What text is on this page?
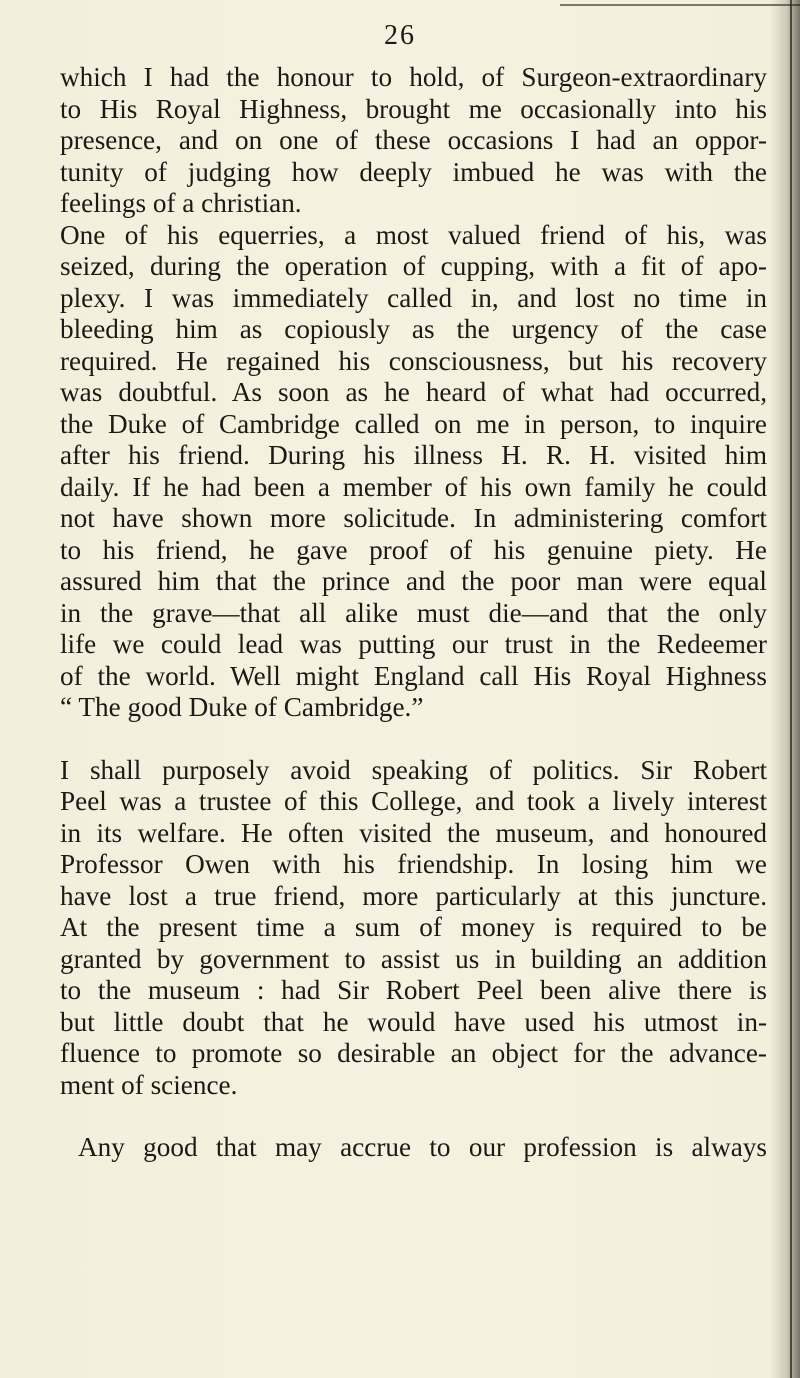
26
which I had the honour to hold, of Surgeon-extraordinary
to His Royal Highness, brought me occasionally into his
presence, and on one of these occasions I had an oppor-
tunity of judging how deeply imbued he was with the
feelings of a christian.
One of his equerries, a most valued friend of his, was
seized, during the operation of cupping, with a fit of apo-
plexy. I was immediately called in, and lost no time in
bleeding him as copiously as the urgency of the case
required. He regained his consciousness, but his recovery
was doubtful. As soon as he heard of what had occurred,
the Duke of Cambridge called on me in person, to inquire
after his friend. During his illness H. R. H. visited him
daily. If he had been a member of his own family he could
not have shown more solicitude. In administering comfort
to his friend, he gave proof of his genuine piety. He
assured him that the prince and the poor man were equal
in the grave—that all alike must die—and that the only
life we could lead was putting our trust in the Redeemer
of the world. Well might England call His Royal Highness
“ The good Duke of Cambridge.”
I shall purposely avoid speaking of politics. Sir Robert
Peel was a trustee of this College, and took a lively interest
in its welfare. He often visited the museum, and honoured
Professor Owen with his friendship. In losing him we
have lost a true friend, more particularly at this juncture.
At the present time a sum of money is required to be
granted by government to assist us in building an addition
to the museum : had Sir Robert Peel been alive there is
but little doubt that he would have used his utmost in-
fluence to promote so desirable an object for the advance-
ment of science.
Any good that may accrue to our profession is always
